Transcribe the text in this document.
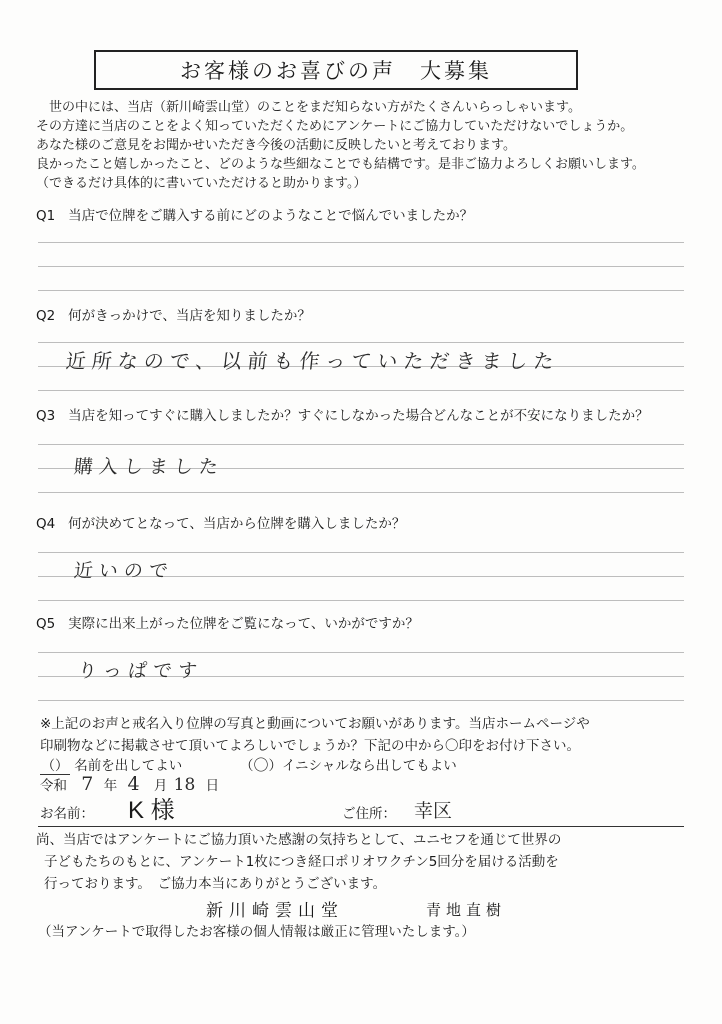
お客様のお喜びの声　大募集
世の中には、当店（新川崎雲山堂）のことをまだ知らない方がたくさんいらっしゃいます。
その方達に当店のことをよく知っていただくためにアンケートにご協力していただけないでしょうか。
あなた様のご意見をお聞かせいただき今後の活動に反映したいと考えております。
良かったこと嬉しかったこと、どのような些細なことでも結構です。是非ご協力よろしくお願いします。
（できるだけ具体的に書いていただけると助かります。）
Q1 当店で位牌をご購入する前にどのようなことで悩んでいましたか？
Q2 何がきっかけで、当店を知りましたか？
近所なので、以前も作っていただきました
Q3 当店を知ってすぐに購入しましたか？すぐにしなかった場合どんなことが不安になりましたか？
購入しました
Q4 何が決めてとなって、当店から位牌を購入しましたか？
近いので
Q5 実際に出来上がった位牌をご覧になって、いかがですか？
りっぱです
※上記のお声と戒名入り位牌の写真と動画についてお願いがあります。当店ホームページや
印刷物などに掲載させて頂いてよろしいでしょうか？下記の中から〇印をお付け下さい。
（） 名前を出してよい	（〇）イニシャルなら出してもよい
令和 7 年 4 月 18 日
お名前： K 様	ご住所： 幸区
尚、当店ではアンケートにご協力頂いた感謝の気持ちとして、ユニセフを通じて世界の
子どもたちのもとに、アンケート1枚につき経口ポリオワクチン5回分を届ける活動を
行っております。　ご協力本当にありがとうございます。
新川崎雲山堂	青地直樹
（当アンケートで取得したお客様の個人情報は厳正に管理いたします。）
